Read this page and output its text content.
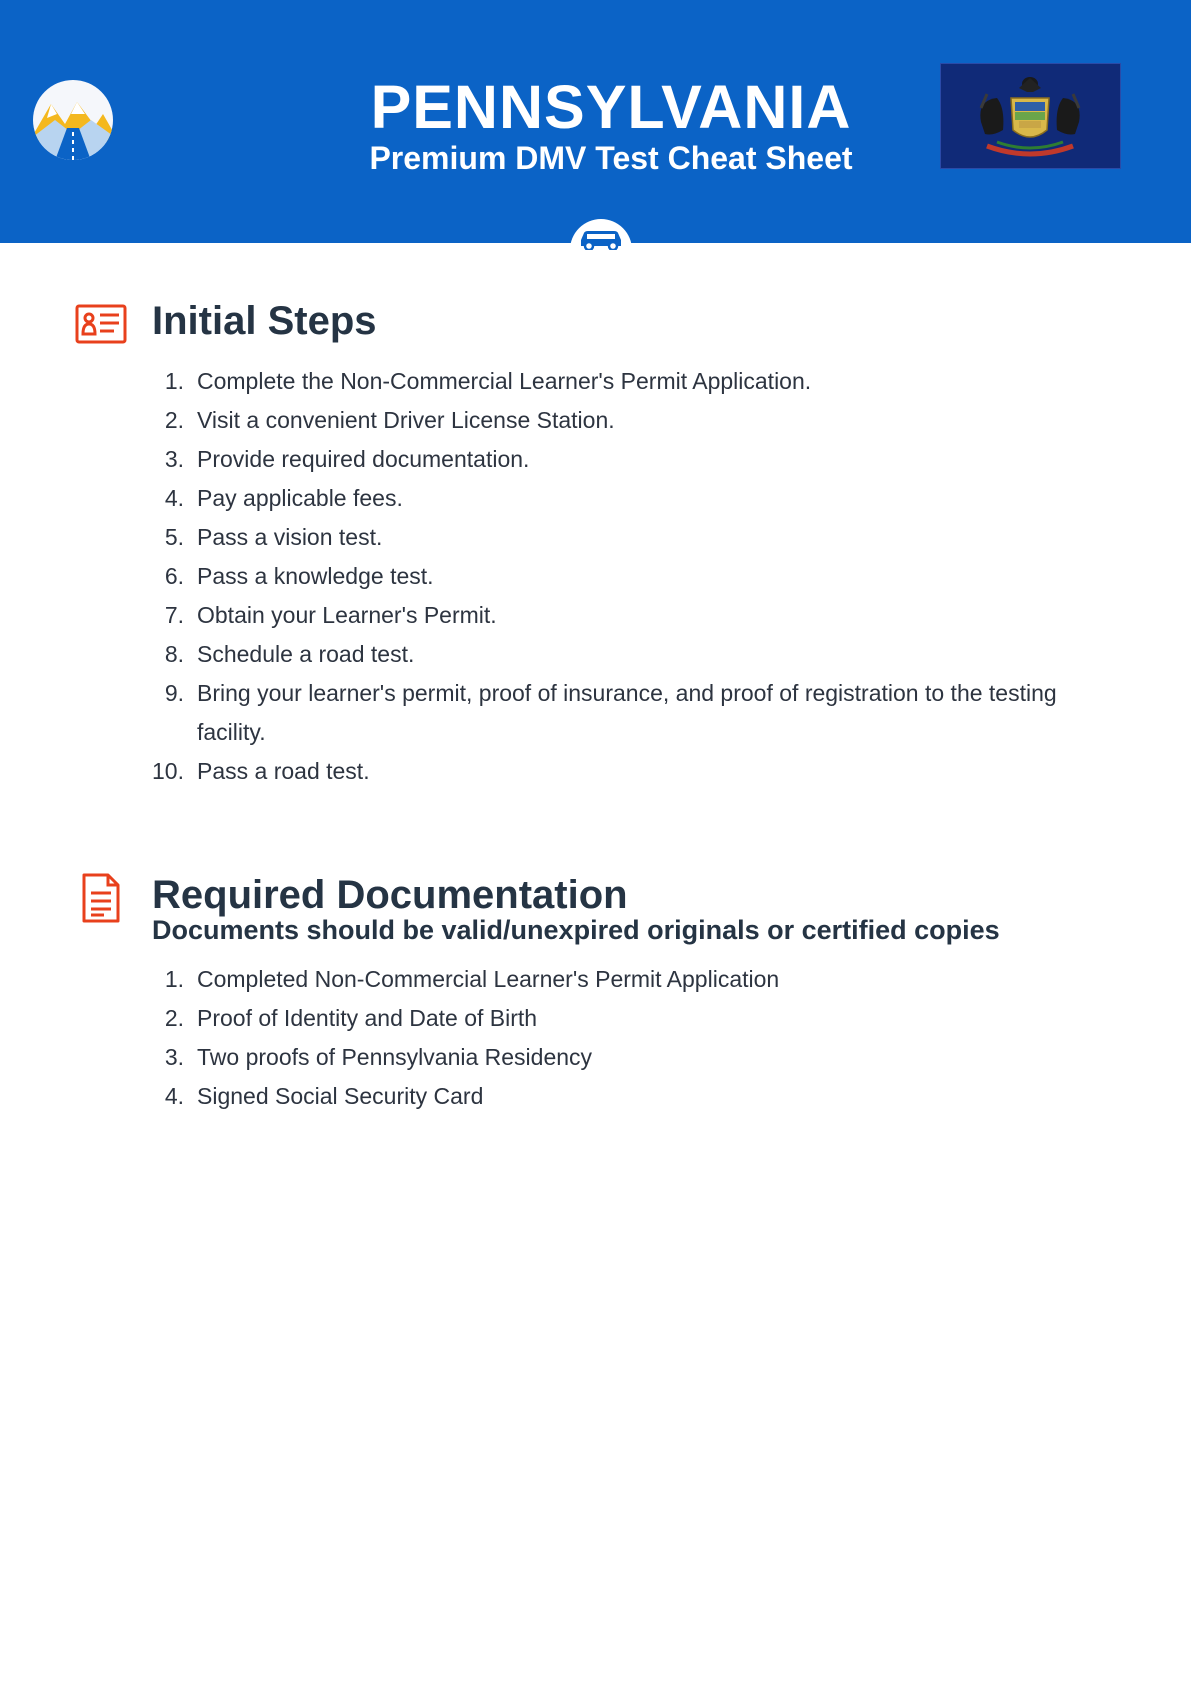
PENNSYLVANIA
Premium DMV Test Cheat Sheet
Initial Steps
1. Complete the Non-Commercial Learner's Permit Application.
2. Visit a convenient Driver License Station.
3. Provide required documentation.
4. Pay applicable fees.
5. Pass a vision test.
6. Pass a knowledge test.
7. Obtain your Learner's Permit.
8. Schedule a road test.
9. Bring your learner's permit, proof of insurance, and proof of registration to the testing facility.
10. Pass a road test.
Required Documentation
Documents should be valid/unexpired originals or certified copies
1. Completed Non-Commercial Learner's Permit Application
2. Proof of Identity and Date of Birth
3. Two proofs of Pennsylvania Residency
4. Signed Social Security Card
